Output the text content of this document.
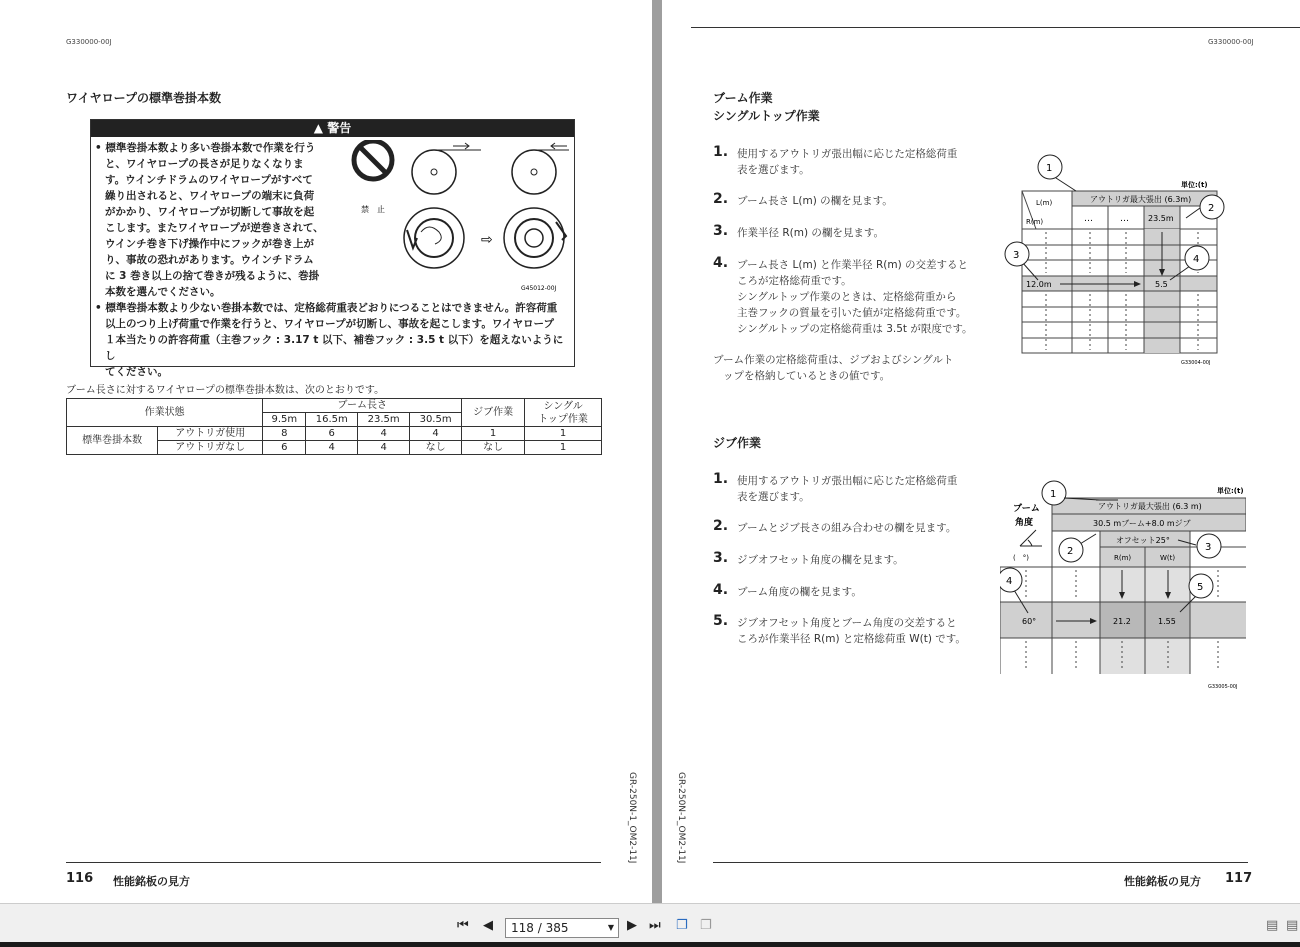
G330000-00J
ワイヤロープの標準巻掛本数
▲ 警告
• 標準巻掛本数より多い巻掛本数で作業を行う
と、ワイヤロープの長さが足りなくなりま
す。ウインチドラムのワイヤロープがすべて
繰り出されると、ワイヤロープの端末に負荷
がかかり、ワイヤロープが切断して事故を起
こします。またワイヤロープが逆巻きされて、
ウインチ巻き下げ操作中にフックが巻き上が
り、事故の恐れがあります。ウインチドラム
に 3 巻き以上の捨て巻きが残るように、巻掛
本数を選んでください。
禁　止
⇨
G45012-00J
• 標準巻掛本数より少ない巻掛本数では、定格総荷重表どおりにつることはできません。許容荷重
以上のつり上げ荷重で作業を行うと、ワイヤロープが切断し、事故を起こします。ワイヤロープ
１本当たりの許容荷重（主巻フック : 3.17 t 以下、補巻フック : 3.5 t 以下）を超えないようにし
てください。
ブーム長さに対するワイヤロープの標準巻掛本数は、次のとおりです。
作業状態		ブーム長さ				ジブ作業	シングル
トップ作業

		9.5m	16.5m	23.5m	30.5m		
標準巻掛本数	アウトリガ使用	8	6	4	4	1	1
	アウトリガなし	6	4	4	なし	なし	1
GR-250N-1_OM2-11J
116 性能銘板の見方
G330000-00J
ブーム作業
シングルトップ作業
1. 使用するアウトリガ張出幅に応じた定格総荷重
表を選びます。
2. ブーム長さ L(m) の欄を見ます。
3. 作業半径 R(m) の欄を見ます。
4. ブーム長さ L(m) と作業半径 R(m) の交差すると
ころが定格総荷重です。
シングルトップ作業のときは、定格総荷重から
主巻フックの質量を引いた値が定格総荷重です。
シングルトップの定格総荷重は 3.5t が限度です。
ブーム作業の定格総荷重は、ジブおよびシングルト
ップを格納しているときの値です。
ジブ作業
1. 使用するアウトリガ張出幅に応じた定格総荷重
表を選びます。
2. ブームとジブ長さの組み合わせの欄を見ます。
3. ジブオフセット角度の欄を見ます。
4. ブーム角度の欄を見ます。
5. ジブオフセット角度とブーム角度の交差すると
ころが作業半径 R(m) と定格総荷重 W(t) です。
単位:(t)
アウトリガ最大張出 (6.3m)
L(m)
R(m)	…	… 23.5m
12.0m	5.5
G33004-00J
1
2
3	4
単位:(t)
ブーム
角度
(　°)
アウトリガ最大張出 (6.3 m)
30.5 mブーム+8.0 mジブ
オフセット25°
R(m)	W(t)
60°	21.2	1.55
G33005-00J
1
2	3
4
5
GR-250N-1_OM2-11J
性能銘板の見方 117
⏮ ◀	118 / 385	▼ ▶ ⏭ ❐ ❐	▤ ▤
